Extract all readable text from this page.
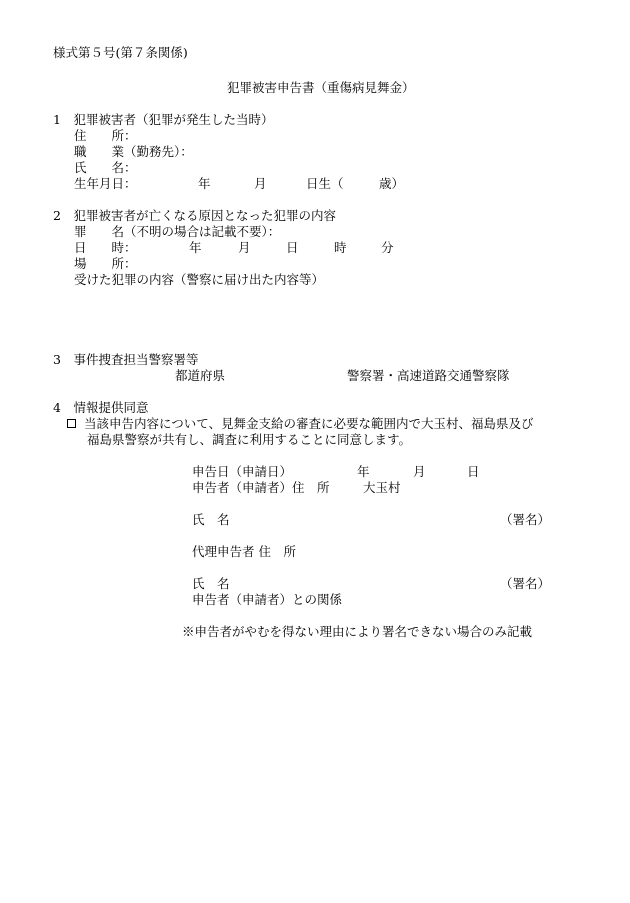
様式第５号(第７条関係)
犯罪被害申告書（重傷病見舞金）
1　犯罪被害者（犯罪が発生した当時）
住　　所：
職　　業（勤務先）：
氏　　名：
生年月日：	年	月	日生（	歳）
2　犯罪被害者が亡くなる原因となった犯罪の内容
罪　　名（不明の場合は記載不要）：
日　　時：	年	月	日	時	分
場　　所：
受けた犯罪の内容（警察に届け出た内容等）
3　事件捜査担当警察署等
都道府県	警察署・高速道路交通警察隊
4　情報提供同意
当該申告内容について、見舞金支給の審査に必要な範囲内で大玉村、福島県及び
福島県警察が共有し、調査に利用することに同意します。
申告日（申請日）	年	月	日
申告者（申請者）住　所	大玉村
氏　名	（署名）
代理申告者 住　所
氏　名	（署名）
申告者（申請者）との関係
※申告者がやむを得ない理由により署名できない場合のみ記載
